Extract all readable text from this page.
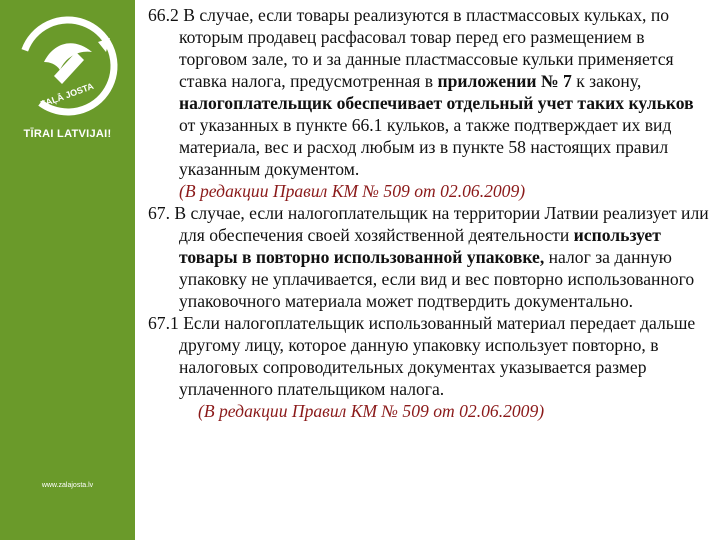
ZAĻĀ JOSTA
TĪRAI LATVIJAI!
www.zalajosta.lv
66.2 В случае, если товары реализуются в пластмассовых кульках, по которым продавец расфасовал товар перед его размещением в торговом зале, то и за данные пластмассовые кульки применяется ставка налога, предусмотренная в приложении № 7 к закону, налогоплательщик обеспечивает отдельный учет таких кульков от указанных в пункте 66.1 кульков, а также подтверждает их вид материала, вес и расход любым из в пункте 58 настоящих правил указанным документом.
(В редакции Правил КМ № 509 от 02.06.2009)
67. В случае, если налогоплательщик на территории Латвии реализует или для обеспечения своей хозяйственной деятельности использует товары в повторно использованной упаковке, налог за данную упаковку не уплачивается, если вид и вес повторно использованного упаковочного материала может подтвердить документально.
67.1 Если налогоплательщик использованный материал передает дальше другому лицу, которое данную упаковку использует повторно, в налоговых сопроводительных документах указывается размер уплаченного плательщиком налога.
(В редакции Правил КМ № 509 от 02.06.2009)
